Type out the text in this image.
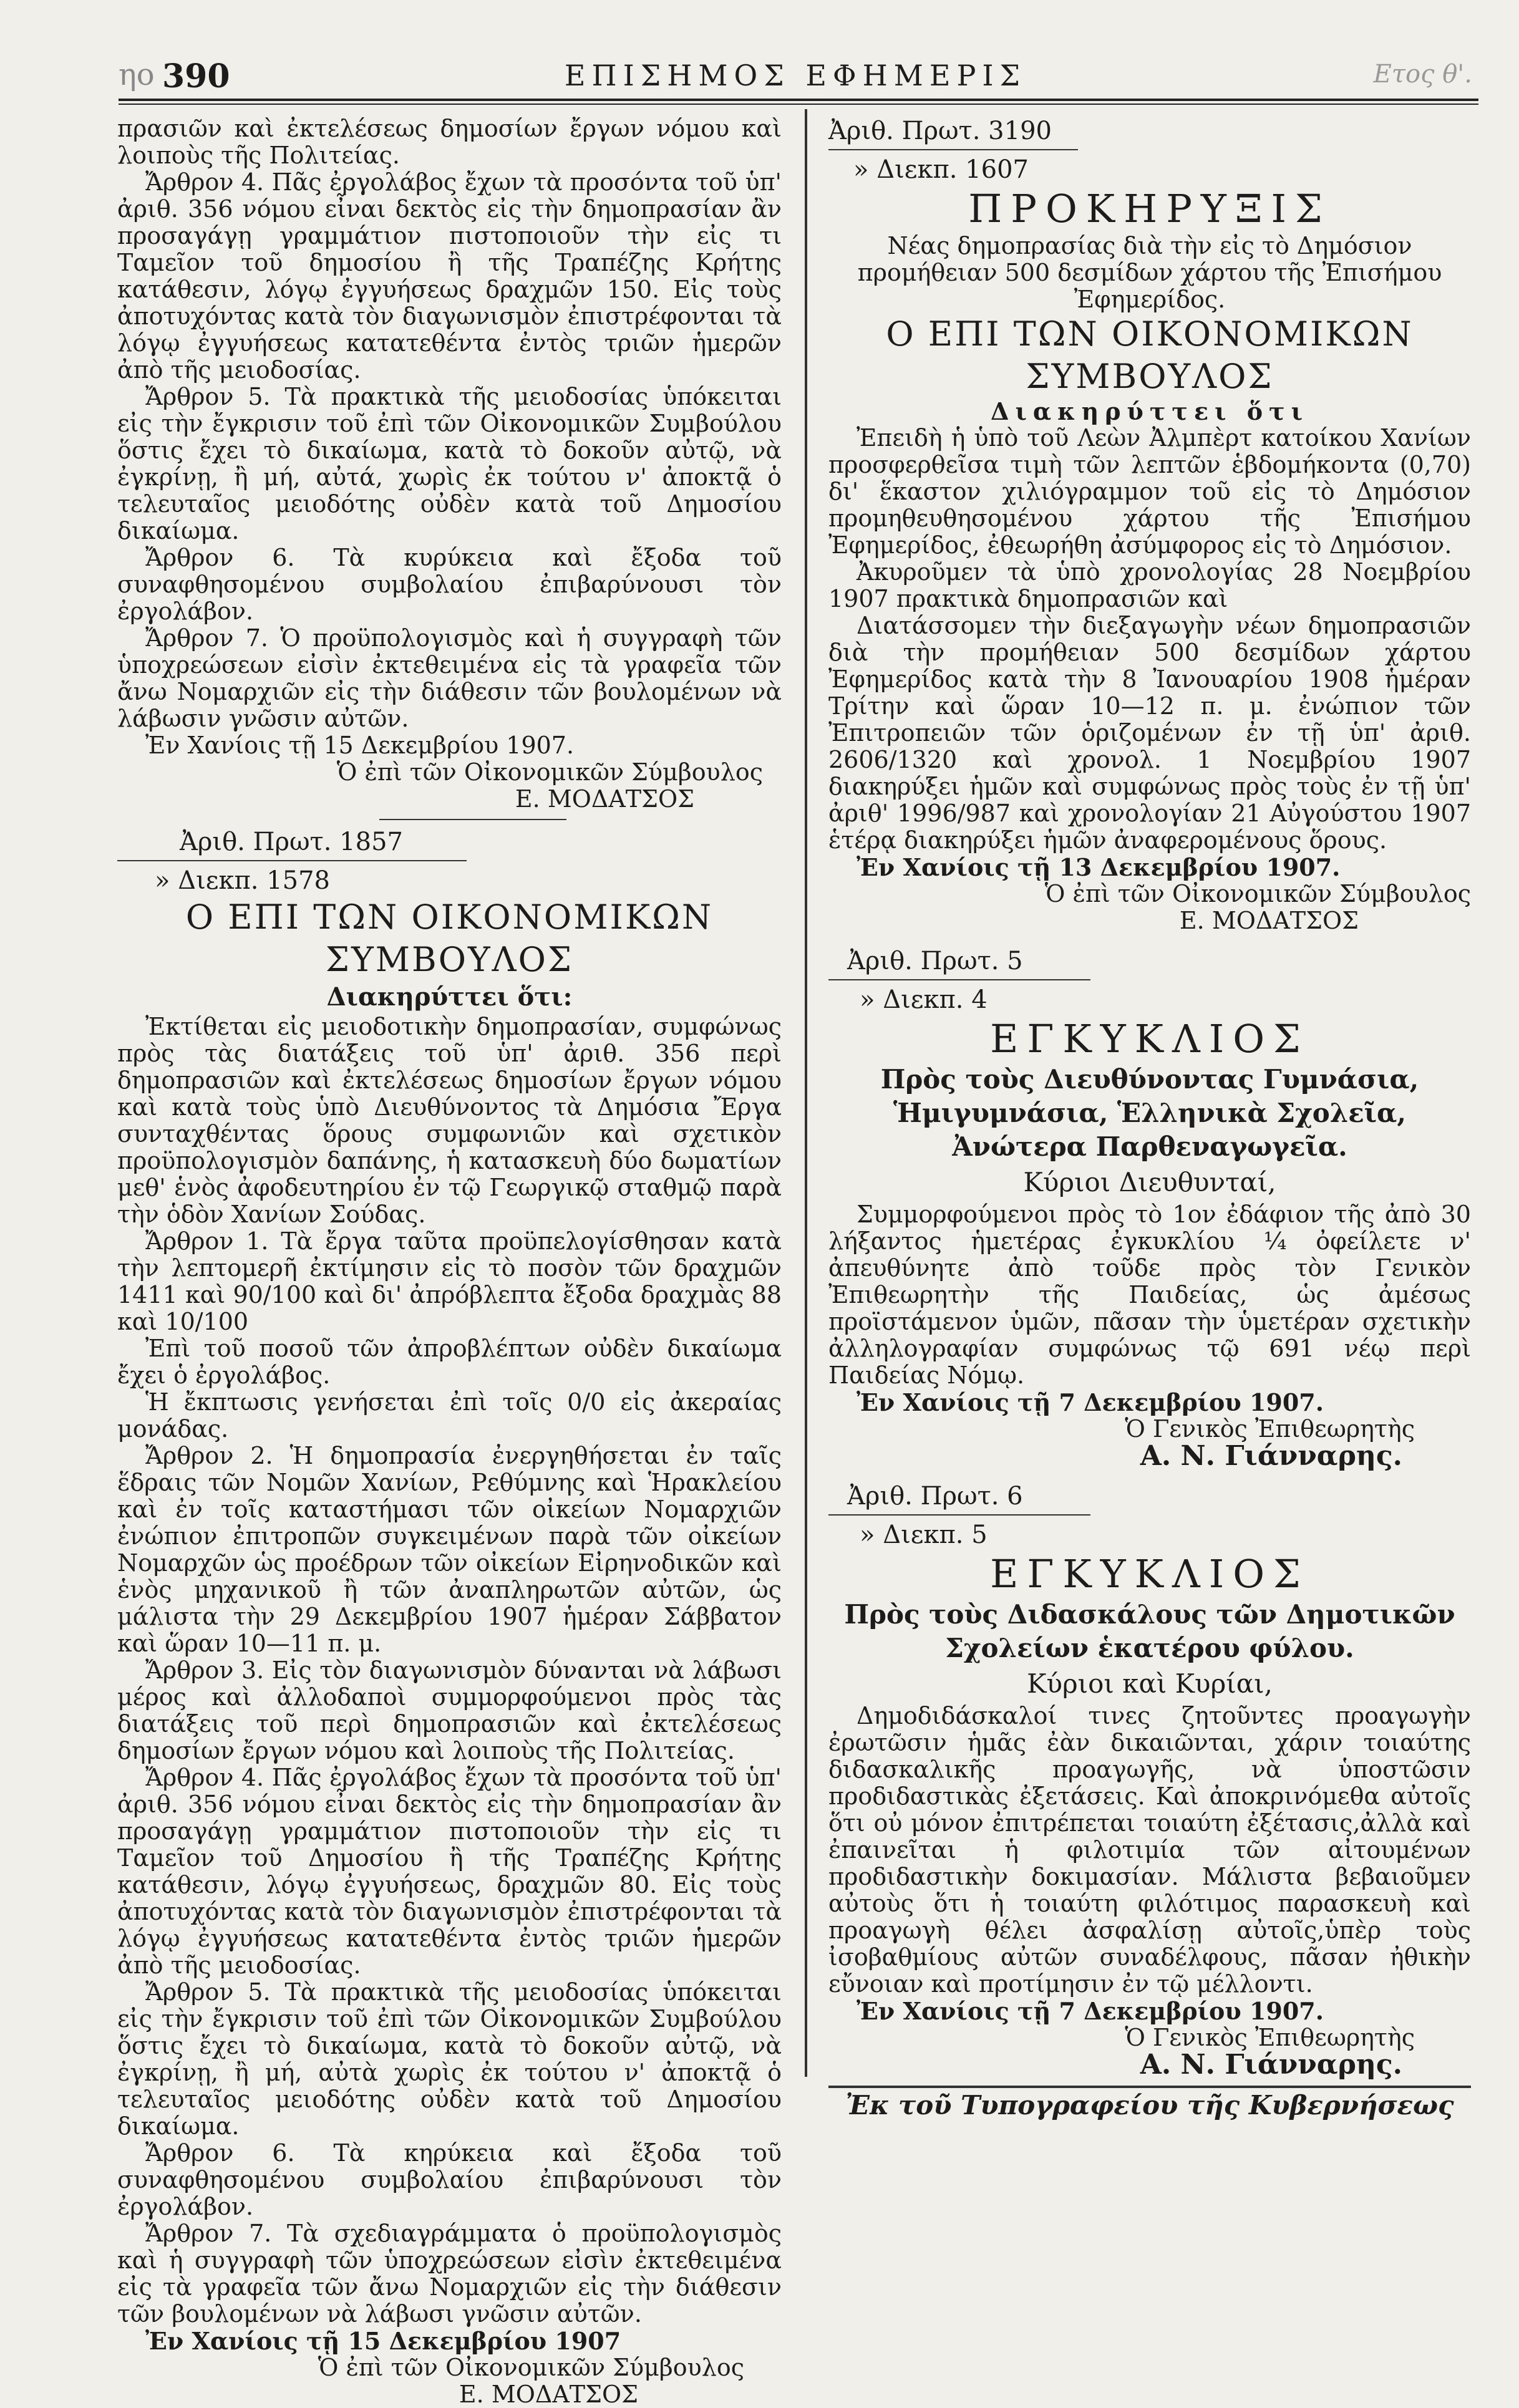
ηο 390	ΕΠΙΣΗΜΟΣ ΕΦΗΜΕΡΙΣ	Ετος θ'.

πρασιῶν καὶ ἐκτελέσεως δημοσίων ἔργων νόμου καὶ λοιποὺς τῆς Πολιτείας.

Ἄρθρον 4. Πᾶς ἐργολάβος ἔχων τὰ προσόντα τοῦ ὑπ' ἀριθ. 356 νόμου εἶναι δεκτὸς εἰς τὴν δημοπρασίαν ἂν προσαγάγῃ γραμμάτιον πιστοποιοῦν τὴν εἰς τι Ταμεῖον τοῦ δημοσίου ἢ τῆς Τραπέζης Κρήτης κατάθεσιν, λόγῳ ἐγγυήσεως δραχμῶν 150. Εἰς τοὺς ἀποτυχόντας κατὰ τὸν διαγωνισμὸν ἐπιστρέφονται τὰ λόγῳ ἐγγυήσεως κατατεθέντα ἐντὸς τριῶν ἡμερῶν ἀπὸ τῆς μειοδοσίας.

Ἄρθρον 5. Τὰ πρακτικὰ τῆς μειοδοσίας ὑπόκειται εἰς τὴν ἔγκρισιν τοῦ ἐπὶ τῶν Οἰκονομικῶν Συμβούλου ὅστις ἔχει τὸ δικαίωμα, κατὰ τὸ δοκοῦν αὐτῷ, νὰ ἐγκρίνῃ, ἢ μή, αὐτά, χωρὶς ἐκ τούτου ν' ἀποκτᾷ ὁ τελευταῖος μειοδότης οὐδὲν κατὰ τοῦ Δημοσίου δικαίωμα.

Ἄρθρον 6. Τὰ κυρύκεια καὶ ἔξοδα τοῦ συναφθησομένου συμβολαίου ἐπιβαρύνουσι τὸν ἐργολάβον.

Ἄρθρον 7. Ὁ προϋπολογισμὸς καὶ ἡ συγγραφὴ τῶν ὑποχρεώσεων εἰσὶν ἐκτεθειμένα εἰς τὰ γραφεῖα τῶν ἄνω Νομαρχιῶν εἰς τὴν διάθεσιν τῶν βουλομένων νὰ λάβωσιν γνῶσιν αὐτῶν.

Ἐν Χανίοις τῇ 15 Δεκεμβρίου 1907.

Ὁ ἐπὶ τῶν Οἰκονομικῶν Σύμβουλος

Ε. ΜΟΔΑΤΣΟΣ

Ἀριθ. Πρωτ. 1857
» Διεκπ. 1578
Ο ΕΠΙ ΤΩΝ ΟΙΚΟΝΟΜΙΚΩΝ ΣΥΜΒΟΥΛΟΣ
Διακηρύττει ὅτι:

Ἐκτίθεται εἰς μειοδοτικὴν δημοπρασίαν, συμφώνως πρὸς τὰς διατάξεις τοῦ ὑπ' ἀριθ. 356 περὶ δημοπρασιῶν καὶ ἐκτελέσεως δημοσίων ἔργων νόμου καὶ κατὰ τοὺς ὑπὸ Διευθύνοντος τὰ Δημόσια Ἔργα συνταχθέντας ὅρους συμφωνιῶν καὶ σχετικὸν προϋπολογισμὸν δαπάνης, ἡ κατασκευὴ δύο δωματίων μεθ' ἑνὸς ἀφοδευτηρίου ἐν τῷ Γεωργικῷ σταθμῷ παρὰ τὴν ὁδὸν Χανίων Σούδας.

Ἄρθρον 1. Τὰ ἔργα ταῦτα προϋπελογίσθησαν κατὰ τὴν λεπτομερῆ ἐκτίμησιν εἰς τὸ ποσὸν τῶν δραχμῶν 1411 καὶ 90/100 καὶ δι' ἀπρόβλεπτα ἔξοδα δραχμὰς 88 καὶ 10/100

Ἐπὶ τοῦ ποσοῦ τῶν ἀπροβλέπτων οὐδὲν δικαίωμα ἔχει ὁ ἐργολάβος.

Ἡ ἔκπτωσις γενήσεται ἐπὶ τοῖς 0/0 εἰς ἀκεραίας μονάδας.

Ἄρθρον 2. Ἡ δημοπρασία ἐνεργηθήσεται ἐν ταῖς ἕδραις τῶν Νομῶν Χανίων, Ρεθύμνης καὶ Ἡρακλείου καὶ ἐν τοῖς καταστήμασι τῶν οἰκείων Νομαρχιῶν ἐνώπιον ἐπιτροπῶν συγκειμένων παρὰ τῶν οἰκείων Νομαρχῶν ὡς προέδρων τῶν οἰκείων Εἰρηνοδικῶν καὶ ἑνὸς μηχανικοῦ ἢ τῶν ἀναπληρωτῶν αὐτῶν, ὡς μάλιστα τὴν 29 Δεκεμβρίου 1907 ἡμέραν Σάββατον καὶ ὥραν 10—11 π. μ.

Ἄρθρον 3. Εἰς τὸν διαγωνισμὸν δύνανται νὰ λάβωσι μέρος καὶ ἀλλοδαποὶ συμμορφούμενοι πρὸς τὰς διατάξεις τοῦ περὶ δημοπρασιῶν καὶ ἐκτελέσεως δημοσίων ἔργων νόμου καὶ λοιποὺς τῆς Πολιτείας.

Ἄρθρον 4. Πᾶς ἐργολάβος ἔχων τὰ προσόντα τοῦ ὑπ' ἀριθ. 356 νόμου εἶναι δεκτὸς εἰς τὴν δημοπρασίαν ἂν προσαγάγῃ γραμμάτιον πιστοποιοῦν τὴν εἰς τι Ταμεῖον τοῦ Δημοσίου ἢ τῆς Τραπέζης Κρήτης κατάθεσιν, λόγῳ ἐγγυήσεως, δραχμῶν 80. Εἰς τοὺς ἀποτυχόντας κατὰ τὸν διαγωνισμὸν ἐπιστρέφονται τὰ λόγῳ ἐγγυήσεως κατατεθέντα ἐντὸς τριῶν ἡμερῶν ἀπὸ τῆς μειοδοσίας.

Ἄρθρον 5. Τὰ πρακτικὰ τῆς μειοδοσίας ὑπόκειται εἰς τὴν ἔγκρισιν τοῦ ἐπὶ τῶν Οἰκονομικῶν Συμβούλου ὅστις ἔχει τὸ δικαίωμα, κατὰ τὸ δοκοῦν αὐτῷ, νὰ ἐγκρίνῃ, ἢ μή, αὐτὰ χωρὶς ἐκ τούτου ν' ἀποκτᾷ ὁ τελευταῖος μειοδότης οὐδὲν κατὰ τοῦ Δημοσίου δικαίωμα.

Ἄρθρον 6. Τὰ κηρύκεια καὶ ἔξοδα τοῦ συναφθησομένου συμβολαίου ἐπιβαρύνουσι τὸν ἐργολάβον.

Ἄρθρον 7. Τὰ σχεδιαγράμματα ὁ προϋπολογισμὸς καὶ ἡ συγγραφὴ τῶν ὑποχρεώσεων εἰσὶν ἐκτεθειμένα εἰς τὰ γραφεῖα τῶν ἄνω Νομαρχιῶν εἰς τὴν διάθεσιν τῶν βουλομένων νὰ λάβωσι γνῶσιν αὐτῶν.

Ἐν Χανίοις τῇ 15 Δεκεμβρίου 1907

Ὁ ἐπὶ τῶν Οἰκονομικῶν Σύμβουλος

Ε. ΜΟΔΑΤΣΟΣ

Ἀριθ. Πρωτ. 3190
» Διεκπ. 1607
ΠΡΟΚΗΡΥΞΙΣ

Νέας δημοπρασίας διὰ τὴν εἰς τὸ Δημόσιον προμήθειαν 500 δεσμίδων χάρτου τῆς Ἐπισήμου Ἐφημερίδος.

Ο ΕΠΙ ΤΩΝ ΟΙΚΟΝΟΜΙΚΩΝ ΣΥΜΒΟΥΛΟΣ
Διακηρύττει ὅτι

Ἐπειδὴ ἡ ὑπὸ τοῦ Λεὼν Ἀλμπὲρτ κατοίκου Χανίων προσφερθεῖσα τιμὴ τῶν λεπτῶν ἑβδομήκοντα (0,70) δι' ἕκαστον χιλιόγραμμον τοῦ εἰς τὸ Δημόσιον προμηθευθησομένου χάρτου τῆς Ἐπισήμου Ἐφημερίδος, ἐθεωρήθη ἀσύμφορος εἰς τὸ Δημόσιον.

Ἀκυροῦμεν τὰ ὑπὸ χρονολογίας 28 Νοεμβρίου 1907 πρακτικὰ δημοπρασιῶν καὶ

Διατάσσομεν τὴν διεξαγωγὴν νέων δημοπρασιῶν διὰ τὴν προμήθειαν 500 δεσμίδων χάρτου Ἐφημερίδος κατὰ τὴν 8 Ἰανουαρίου 1908 ἡμέραν Τρίτην καὶ ὥραν 10—12 π. μ. ἐνώπιον τῶν Ἐπιτροπειῶν τῶν ὁριζομένων ἐν τῇ ὑπ' ἀριθ. 2606/1320 καὶ χρονολ. 1 Νοεμβρίου 1907 διακηρύξει ἡμῶν καὶ συμφώνως πρὸς τοὺς ἐν τῇ ὑπ' ἀριθ' 1996/987 καὶ χρονολογίαν 21 Αὐγούστου 1907 ἑτέρᾳ διακηρύξει ἡμῶν ἀναφερομένους ὅρους.

Ἐν Χανίοις τῇ 13 Δεκεμβρίου 1907.

Ὁ ἐπὶ τῶν Οἰκονομικῶν Σύμβουλος

Ε. ΜΟΔΑΤΣΟΣ

Ἀριθ. Πρωτ. 5
» Διεκπ. 4
ΕΓΚΥΚΛΙΟΣ

Πρὸς τοὺς Διευθύνοντας Γυμνάσια, Ἡμιγυμνάσια, Ἑλληνικὰ Σχολεῖα, Ἀνώτερα Παρθεναγωγεῖα.

Κύριοι Διευθυνταί,

Συμμορφούμενοι πρὸς τὸ 1ον ἐδάφιον τῆς ἀπὸ 30 λήξαντος ἡμετέρας ἐγκυκλίου ¼ ὀφείλετε ν' ἀπευθύνητε ἀπὸ τοῦδε πρὸς τὸν Γενικὸν Ἐπιθεωρητὴν τῆς Παιδείας, ὡς ἀμέσως προϊστάμενον ὑμῶν, πᾶσαν τὴν ὑμετέραν σχετικὴν ἀλληλογραφίαν συμφώνως τῷ 691 νέῳ περὶ Παιδείας Νόμῳ.

Ἐν Χανίοις τῇ 7 Δεκεμβρίου 1907.

Ὁ Γενικὸς Ἐπιθεωρητὴς

Α. Ν. Γιάνναρης.

Ἀριθ. Πρωτ. 6
» Διεκπ. 5
ΕΓΚΥΚΛΙΟΣ

Πρὸς τοὺς Διδασκάλους τῶν Δημοτικῶν Σχολείων ἑκατέρου φύλου.

Κύριοι καὶ Κυρίαι,

Δημοδιδάσκαλοί τινες ζητοῦντες προαγωγὴν ἐρωτῶσιν ἡμᾶς ἐὰν δικαιῶνται, χάριν τοιαύτης διδασκαλικῆς προαγωγῆς, νὰ ὑποστῶσιν προδιδαστικὰς ἐξετάσεις. Καὶ ἀποκρινόμεθα αὐτοῖς ὅτι οὐ μόνον ἐπιτρέπεται τοιαύτη ἐξέτασις,ἀλλὰ καὶ ἐπαινεῖται ἡ φιλοτιμία τῶν αἰτουμένων προδιδαστικὴν δοκιμασίαν. Μάλιστα βεβαιοῦμεν αὐτοὺς ὅτι ἡ τοιαύτη φιλότιμος παρασκευὴ καὶ προαγωγὴ θέλει ἀσφαλίσῃ αὐτοῖς,ὑπὲρ τοὺς ἰσοβαθμίους αὐτῶν συναδέλφους, πᾶσαν ἠθικὴν εὔνοιαν καὶ προτίμησιν ἐν τῷ μέλλοντι.

Ἐν Χανίοις τῇ 7 Δεκεμβρίου 1907.

Ὁ Γενικὸς Ἐπιθεωρητὴς

Α. Ν. Γιάνναρης.

Ἐκ τοῦ Τυπογραφείου τῆς Κυβερνήσεως
